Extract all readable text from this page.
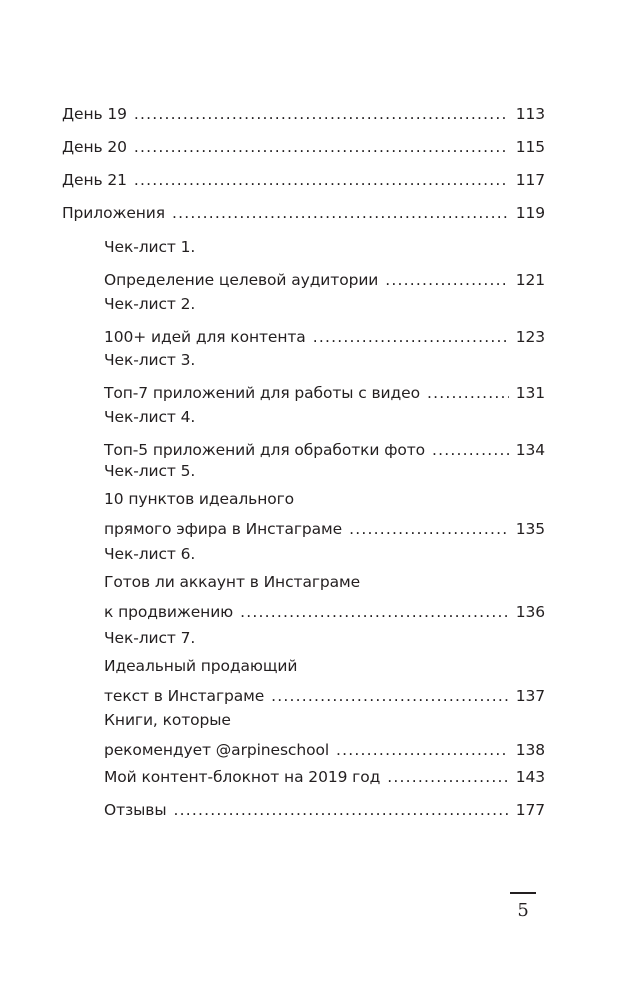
День 19 .....	113
День 20 .....	115
День 21 .....	117
Приложения .....	119
Чек-лист 1.
Определение целевой аудитории .....	121
Чек-лист 2.
100+ идей для контента .....	123
Чек-лист 3.
Топ-7 приложений для работы с видео .....	131
Чек-лист 4.
Топ-5 приложений для обработки фото .....	134
Чек-лист 5.
10 пунктов идеального
прямого эфира в Инстаграме .....	135
Чек-лист 6.
Готов ли аккаунт в Инстаграме
к продвижению .....	136
Чек-лист 7.
Идеальный продающий
текст в Инстаграме .....	137
Книги, которые
рекомендует @arpineschool .....	138
Мой контент-блокнот на 2019 год .....	143
Отзывы .....	177
5
